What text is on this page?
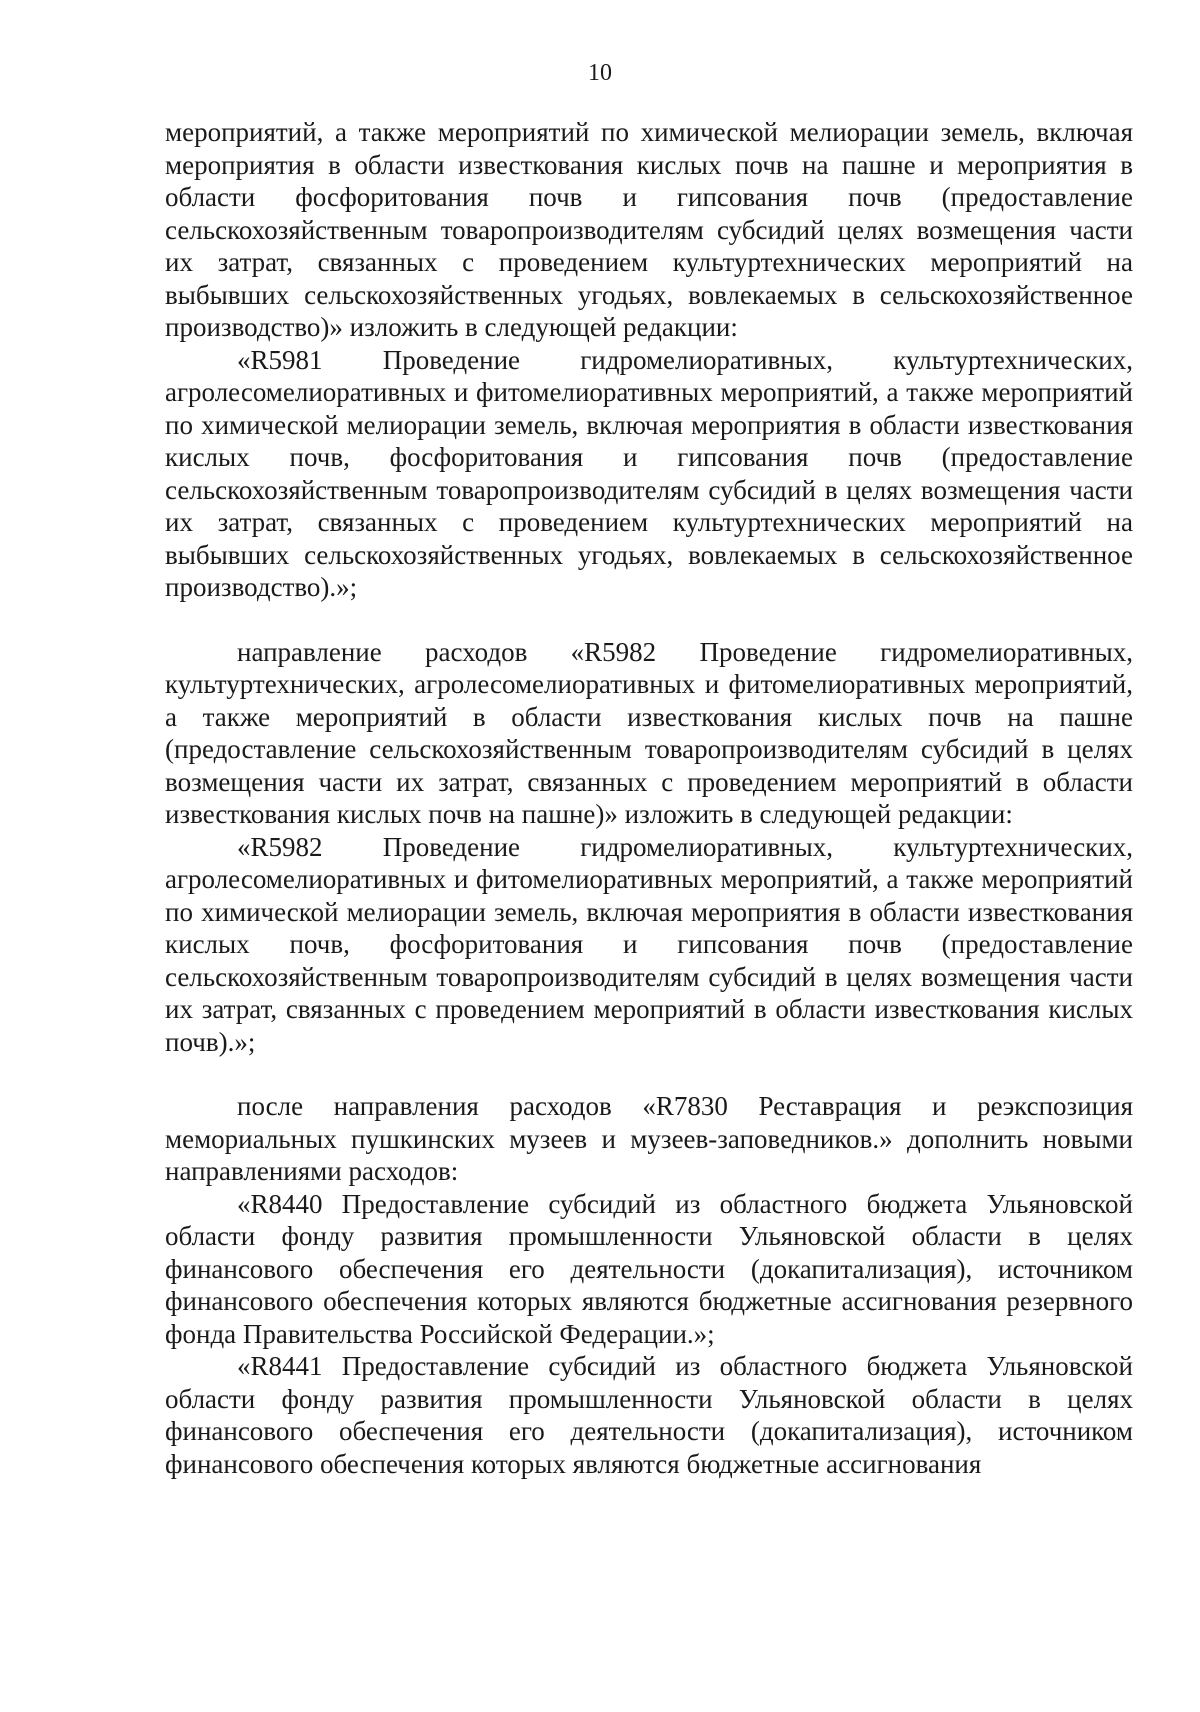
10

мероприятий, а также мероприятий по химической мелиорации земель, включая мероприятия в области известкования кислых почв на пашне и мероприятия в области фосфоритования почв и гипсования почв (предоставление сельскохозяйственным товаропроизводителям субсидий целях возмещения части их затрат, связанных с проведением культуртехнических мероприятий на выбывших сельскохозяйственных угодьях, вовлекаемых в сельскохозяйственное производство)» изложить в следующей редакции:

«R5981 Проведение гидромелиоративных, культуртехнических, агролесомелиоративных и фитомелиоративных мероприятий, а также мероприятий по химической мелиорации земель, включая мероприятия в области известкования кислых почв, фосфоритования и гипсования почв (предоставление сельскохозяйственным товаропроизводителям субсидий в целях возмещения части их затрат, связанных с проведением культуртехнических мероприятий на выбывших сельскохозяйственных угодьях, вовлекаемых в сельскохозяйственное производство).»;

направление расходов «R5982 Проведение гидромелиоративных, культуртехнических, агролесомелиоративных и фитомелиоративных мероприятий, а также мероприятий в области известкования кислых почв на пашне (предоставление сельскохозяйственным товаропроизводителям субсидий в целях возмещения части их затрат, связанных с проведением мероприятий в области известкования кислых почв на пашне)» изложить в следующей редакции:

«R5982 Проведение гидромелиоративных, культуртехнических, агролесомелиоративных и фитомелиоративных мероприятий, а также мероприятий по химической мелиорации земель, включая мероприятия в области известкования кислых почв, фосфоритования и гипсования почв (предоставление сельскохозяйственным товаропроизводителям субсидий в целях возмещения части их затрат, связанных с проведением мероприятий в области известкования кислых почв).»;

после направления расходов «R7830 Реставрация и реэкспозиция мемориальных пушкинских музеев и музеев-заповедников.» дополнить новыми направлениями расходов:

«R8440 Предоставление субсидий из областного бюджета Ульяновской области фонду развития промышленности Ульяновской области в целях финансового обеспечения его деятельности (докапитализация), источником финансового обеспечения которых являются бюджетные ассигнования резервного фонда Правительства Российской Федерации.»;

«R8441 Предоставление субсидий из областного бюджета Ульяновской области фонду развития промышленности Ульяновской области в целях финансового обеспечения его деятельности (докапитализация), источником финансового обеспечения которых являются бюджетные ассигнования
